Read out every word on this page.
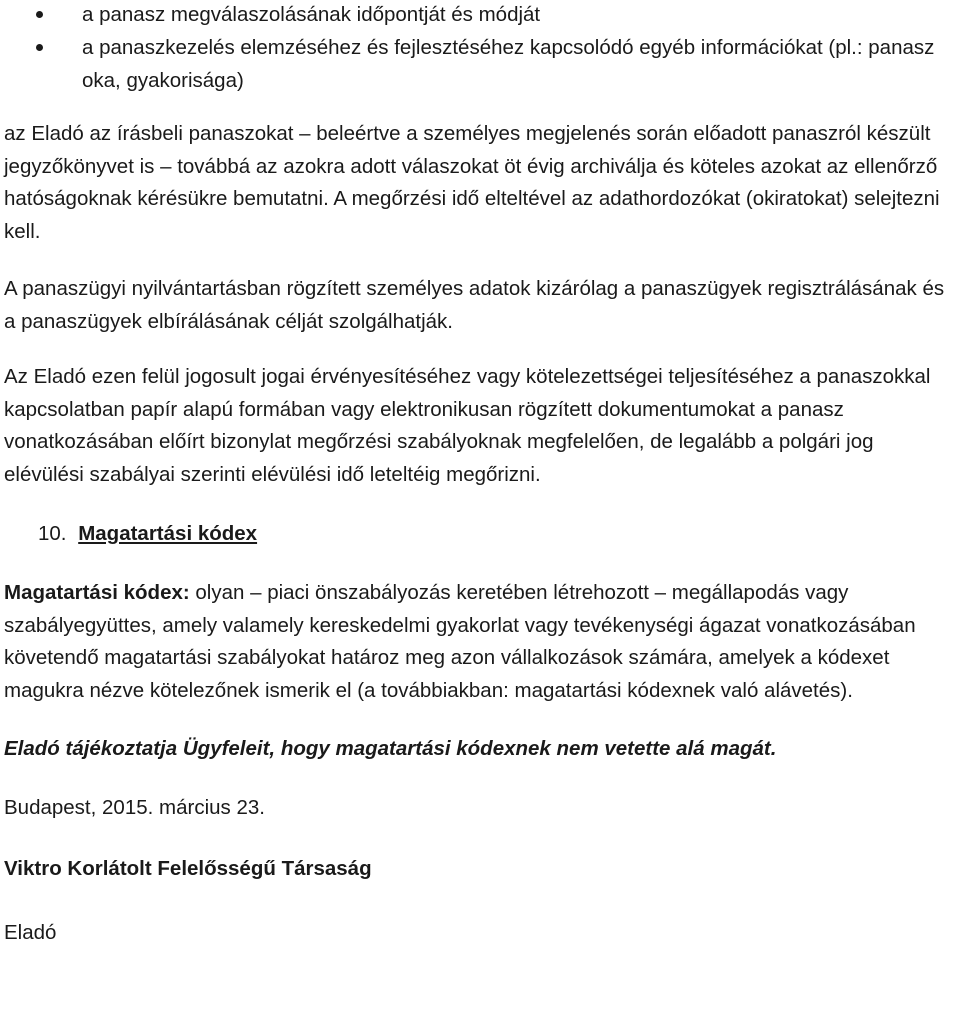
a panasz megválaszolásának időpontját és módját
a panaszkezelés elemzéséhez és fejlesztéséhez kapcsolódó egyéb információkat (pl.: panasz oka, gyakorisága)

az Eladó az írásbeli panaszokat – beleértve a személyes megjelenés során előadott panaszról készült jegyzőkönyvet is – továbbá az azokra adott válaszokat öt évig archiválja és köteles azokat az ellenőrző hatóságoknak kérésükre bemutatni. A megőrzési idő elteltével az adathordozókat (okiratokat) selejtezni kell.

A panaszügyi nyilvántartásban rögzített személyes adatok kizárólag a panaszügyek regisztrálásának és a panaszügyek elbírálásának célját szolgálhatják.

Az Eladó ezen felül jogosult jogai érvényesítéséhez vagy kötelezettségei teljesítéséhez a panaszokkal kapcsolatban papír alapú formában vagy elektronikusan rögzített dokumentumokat a panasz vonatkozásában előírt bizonylat megőrzési szabályoknak megfelelően, de legalább a polgári jog elévülési szabályai szerinti elévülési idő leteltéig megőrizni.

10. Magatartási kódex

Magatartási kódex: olyan – piaci önszabályozás keretében létrehozott – megállapodás vagy szabályegyüttes, amely valamely kereskedelmi gyakorlat vagy tevékenységi ágazat vonatkozásában követendő magatartási szabályokat határoz meg azon vállalkozások számára, amelyek a kódexet magukra nézve kötelezőnek ismerik el (a továbbiakban: magatartási kódexnek való alávetés).

Eladó tájékoztatja Ügyfeleit, hogy magatartási kódexnek nem vetette alá magát.

Budapest, 2015. március 23.

Viktro Korlátolt Felelősségű Társaság

Eladó
